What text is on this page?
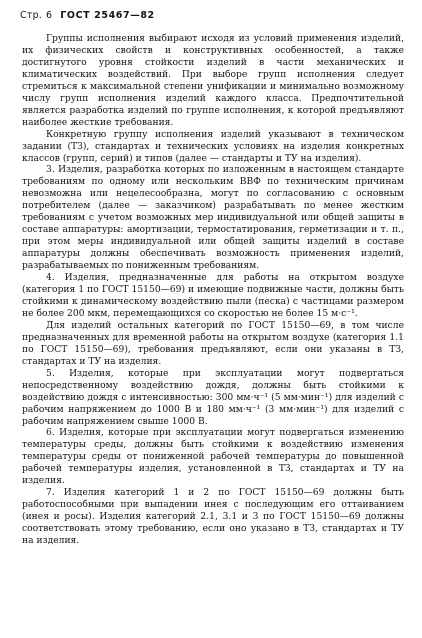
Стр. 6 ГОСТ 25467—82

Группы исполнения выбирают исходя из условий применения изделий, их физических свойств и конструктивных особенностей, а также достигнутого уровня стойкости изделий в части механических и климатических воздействий. При выборе групп исполнения следует стремиться к максимальной степени унификации и минимально возможному числу групп исполнения изделий каждого класса. Предпочтительной является разработка изделий по группе исполнения, к которой предъявляют наиболее жесткие требования.

Конкретную группу исполнения изделий указывают в техническом задании (ТЗ), стандартах и технических условиях на изделия конкретных классов (групп, серий) и типов (далее — стандарты и ТУ на изделия).

3. Изделия, разработка которых по изложенным в настоящем стандарте требованиям по одному или нескольким ВВФ по техническим причинам невозможна или нецелесообразна, могут по согласованию с основным потребителем (далее — заказчиком) разрабатывать по менее жестким требованиям с учетом возможных мер индивидуальной или общей защиты в составе аппаратуры: амортизации, термостатирования, герметизации и т. п., при этом меры индивидуальной или общей защиты изделий в составе аппаратуры должны обеспечивать возможность применения изделий, разрабатываемых по пониженным требованиям.

4. Изделия, предназначенные для работы на открытом воздухе (категория 1 по ГОСТ 15150—69) и имеющие подвижные части, должны быть стойкими к динамическому воздействию пыли (песка) с частицами размером не более 200 мкм, перемещающихся со скоростью не более 15 м·с⁻¹.

Для изделий остальных категорий по ГОСТ 15150—69, в том числе предназначенных для временной работы на открытом воздухе (категория 1.1 по ГОСТ 15150—69), требования предъявляют, если они указаны в ТЗ, стандартах и ТУ на изделия.

5. Изделия, которые при эксплуатации могут подвергаться непосредственному воздействию дождя, должны быть стойкими к воздействию дождя с интенсивностью: 300 мм·ч⁻¹ (5 мм·мин⁻¹) для изделий с рабочим напряжением до 1000 В и 180 мм·ч⁻¹ (3 мм·мин⁻¹) для изделий с рабочим напряжением свыше 1000 В.

6. Изделия, которые при эксплуатации могут подвергаться изменению температуры среды, должны быть стойкими к воздействию изменения температуры среды от пониженной рабочей температуры до повышенной рабочей температуры изделия, установленной в ТЗ, стандартах и ТУ на изделия.

7. Изделия категорий 1 и 2 по ГОСТ 15150—69 должны быть работоспособными при выпадении инея с последующим его оттаиванием (инея и росы). Изделия категорий 2.1, 3.1 и 3 по ГОСТ 15150—69 должны соответствовать этому требованию, если оно указано в ТЗ, стандартах и ТУ на изделия.
